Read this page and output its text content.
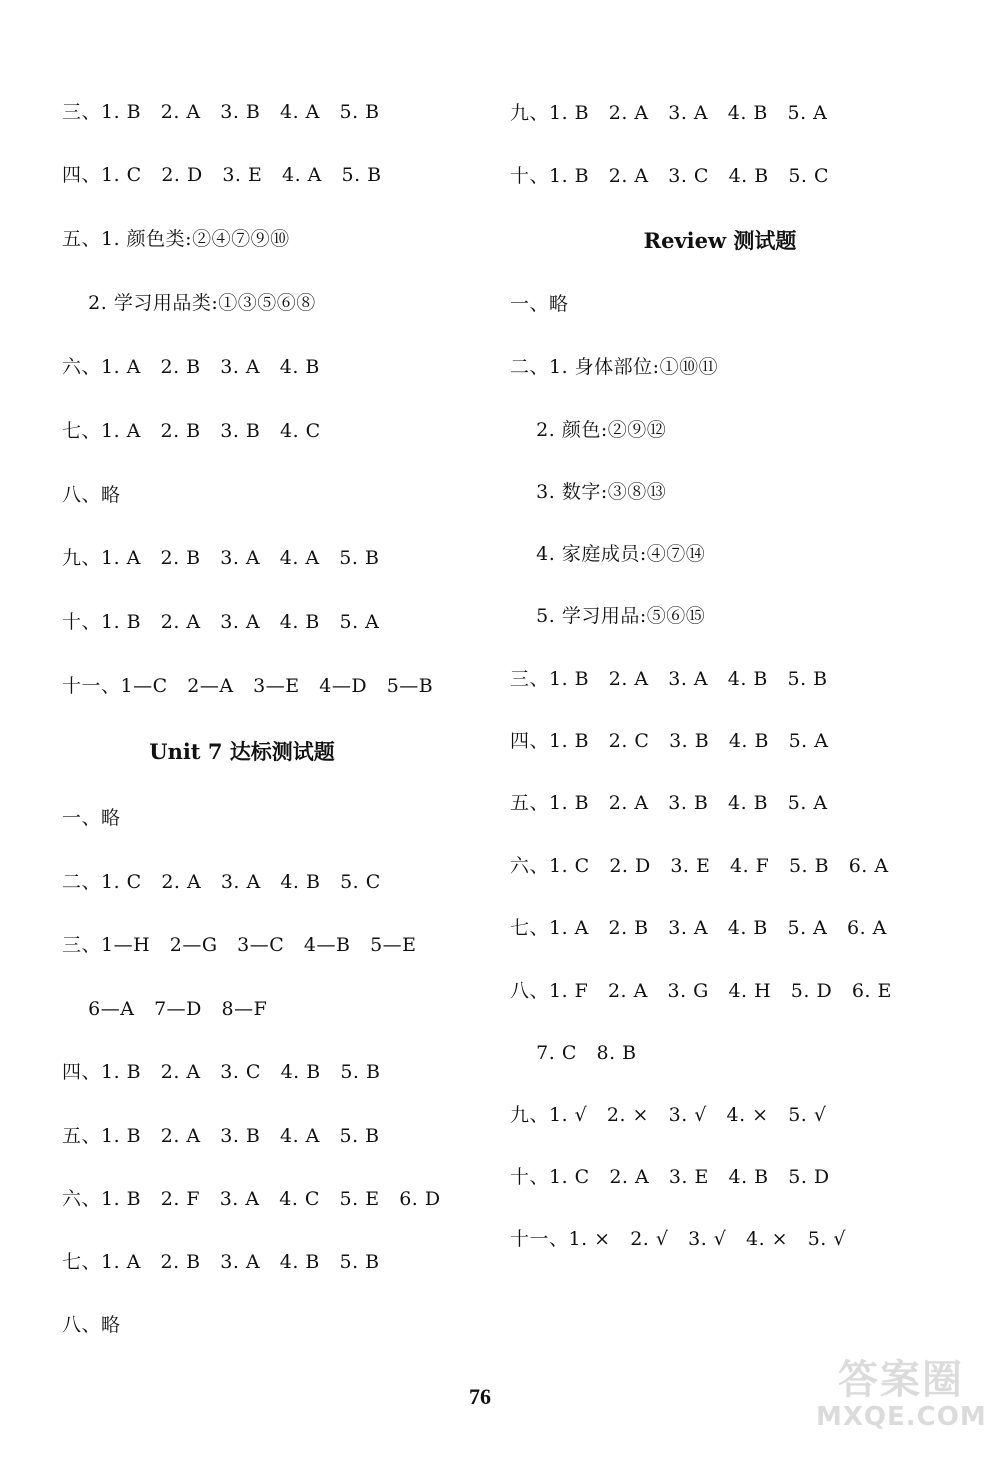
三、1. B   2. A   3. B   4. A   5. B
四、1. C   2. D   3. E   4. A   5. B
五、1. 颜色类:②④⑦⑨⑩
2. 学习用品类:①③⑤⑥⑧
六、1. A   2. B   3. A   4. B
七、1. A   2. B   3. B   4. C
八、略
九、1. A   2. B   3. A   4. A   5. B
十、1. B   2. A   3. A   4. B   5. A
十一、1—C   2—A   3—E   4—D   5—B
Unit 7 达标测试题
一、略
二、1. C   2. A   3. A   4. B   5. C
三、1—H   2—G   3—C   4—B   5—E
6—A   7—D   8—F
四、1. B   2. A   3. C   4. B   5. B
五、1. B   2. A   3. B   4. A   5. B
六、1. B   2. F   3. A   4. C   5. E   6. D
七、1. A   2. B   3. A   4. B   5. B
八、略
九、1. B   2. A   3. A   4. B   5. A
十、1. B   2. A   3. C   4. B   5. C
Review 测试题
一、略
二、1. 身体部位:①⑩⑪
2. 颜色:②⑨⑫
3. 数字:③⑧⑬
4. 家庭成员:④⑦⑭
5. 学习用品:⑤⑥⑮
三、1. B   2. A   3. A   4. B   5. B
四、1. B   2. C   3. B   4. B   5. A
五、1. B   2. A   3. B   4. B   5. A
六、1. C   2. D   3. E   4. F   5. B   6. A
七、1. A   2. B   3. A   4. B   5. A   6. A
八、1. F   2. A   3. G   4. H   5. D   6. E
7. C   8. B
九、1. √   2. ×   3. √   4. ×   5. √
十、1. C   2. A   3. E   4. B   5. D
十一、1. ×   2. √   3. √   4. ×   5. √
76	答案圈
MXQE.COM
